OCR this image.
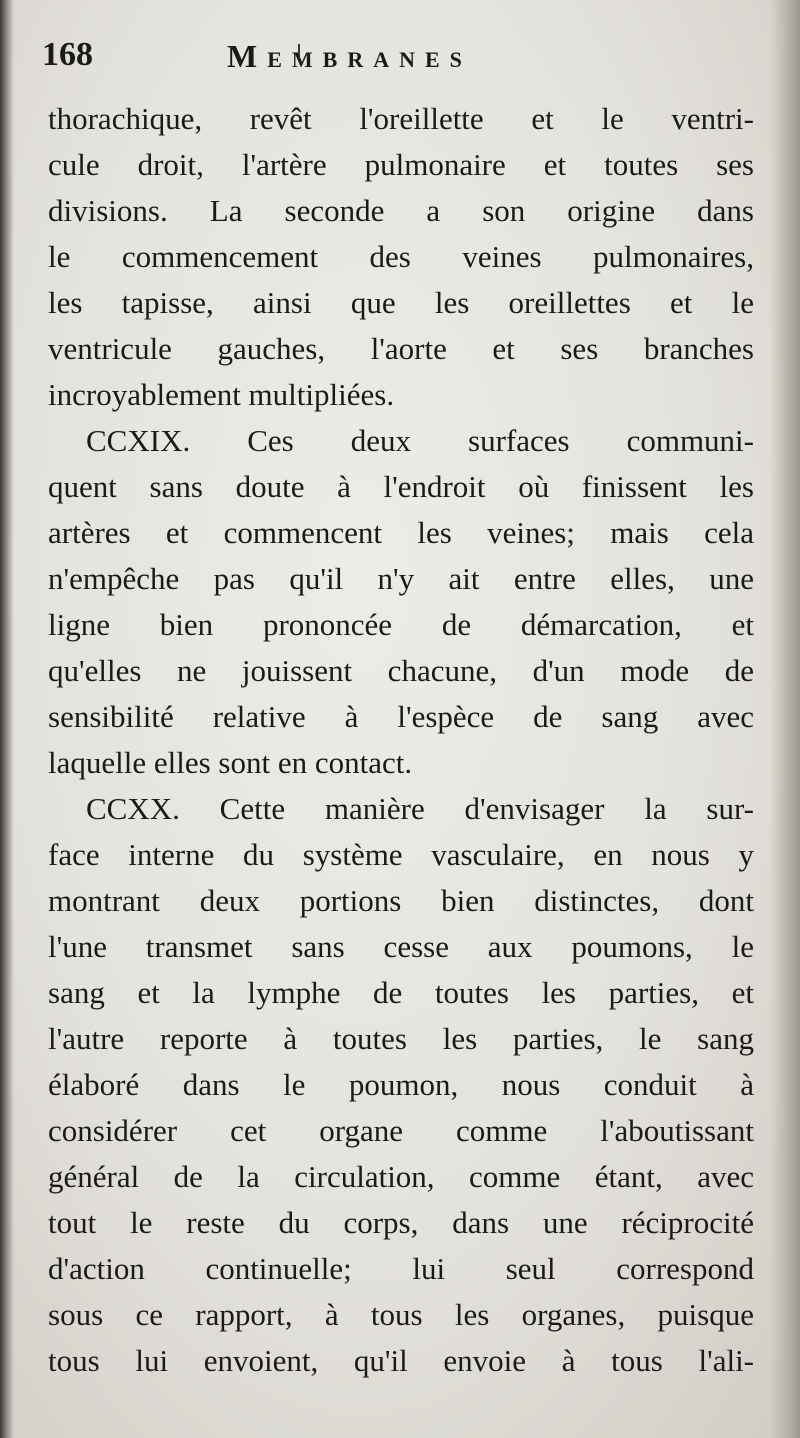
168	Membranes
thorachique, revêt l'oreillette et le ventri-
cule droit, l'artère pulmonaire et toutes ses
divisions. La seconde a son origine dans
le commencement des veines pulmonaires,
les tapisse, ainsi que les oreillettes et le
ventricule gauches, l'aorte et ses branches
incroyablement multipliées.
CCXIX. Ces deux surfaces communi-
quent sans doute à l'endroit où finissent les
artères et commencent les veines; mais cela
n'empêche pas qu'il n'y ait entre elles, une
ligne bien prononcée de démarcation, et
qu'elles ne jouissent chacune, d'un mode de
sensibilité relative à l'espèce de sang avec
laquelle elles sont en contact.
CCXX. Cette manière d'envisager la sur-
face interne du système vasculaire, en nous y
montrant deux portions bien distinctes, dont
l'une transmet sans cesse aux poumons, le
sang et la lymphe de toutes les parties, et
l'autre reporte à toutes les parties, le sang
élaboré dans le poumon, nous conduit à
considérer cet organe comme l'aboutissant
général de la circulation, comme étant, avec
tout le reste du corps, dans une réciprocité
d'action continuelle; lui seul correspond
sous ce rapport, à tous les organes, puisque
tous lui envoient, qu'il envoie à tous l'ali-
